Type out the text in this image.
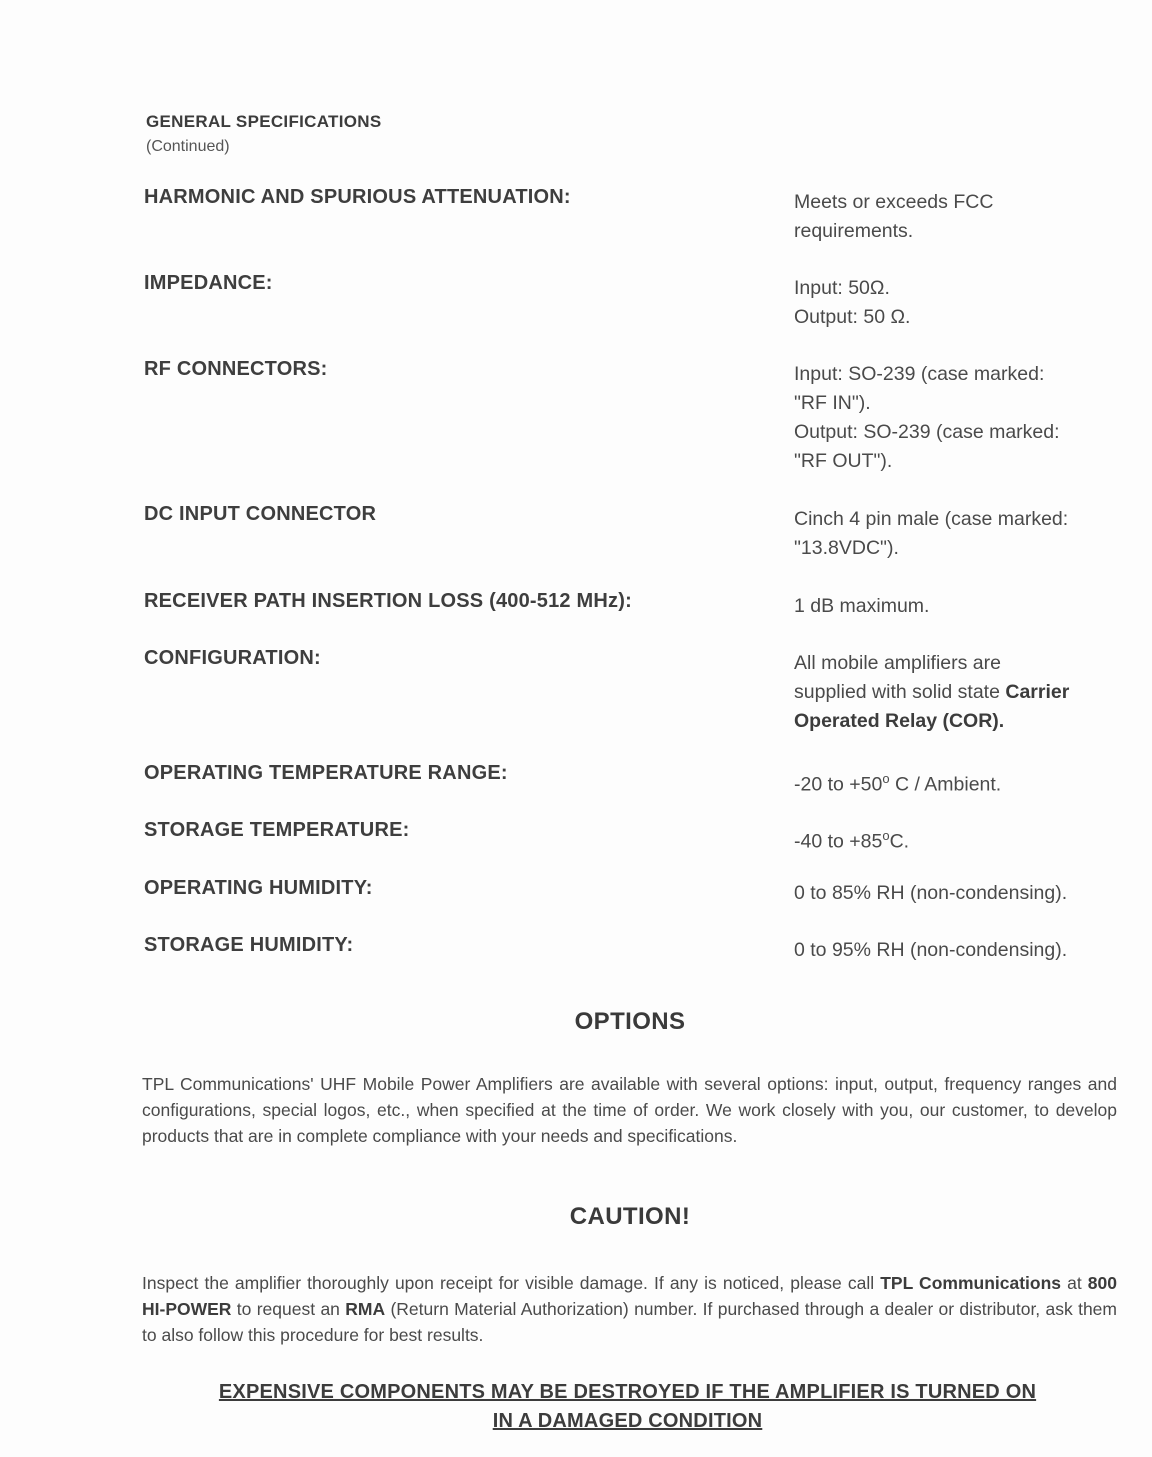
GENERAL SPECIFICATIONS
(Continued)
HARMONIC AND SPURIOUS ATTENUATION:	Meets or exceeds FCC
requirements.
IMPEDANCE:	Input: 50Ω.
Output: 50 Ω.
RF CONNECTORS:	Input: SO-239 (case marked:
"RF IN").
Output: SO-239 (case marked:
"RF OUT").
DC INPUT CONNECTOR	Cinch 4 pin male (case marked:
"13.8VDC").
RECEIVER PATH INSERTION LOSS (400-512 MHz):	1 dB maximum.
CONFIGURATION:	All mobile amplifiers are
supplied with solid state Carrier
Operated Relay (COR).
OPERATING TEMPERATURE RANGE:
-20 to $+50^o$ C / Ambient.
STORAGE TEMPERATURE:
-40 to $+85^oC$.
OPERATING HUMIDITY:	0 to 85% RH (non-condensing).
STORAGE HUMIDITY:	0 to 95% RH (non-condensing).
OPTIONS
TPL Communications' UHF Mobile Power Amplifiers are available with several options: input, output, frequency ranges and configurations, special logos, etc., when specified at the time of order. We work closely with you, our customer, to develop products that are in complete compliance with your needs and specifications.
CAUTION!
Inspect the amplifier thoroughly upon receipt for visible damage. If any is noticed, please call TPL Communications at 800 HI-POWER to request an RMA (Return Material Authorization) number. If purchased through a dealer or distributor, ask them to also follow this procedure for best results.
EXPENSIVE COMPONENTS MAY BE DESTROYED IF THE AMPLIFIER IS TURNED ON
IN A DAMAGED CONDITION
